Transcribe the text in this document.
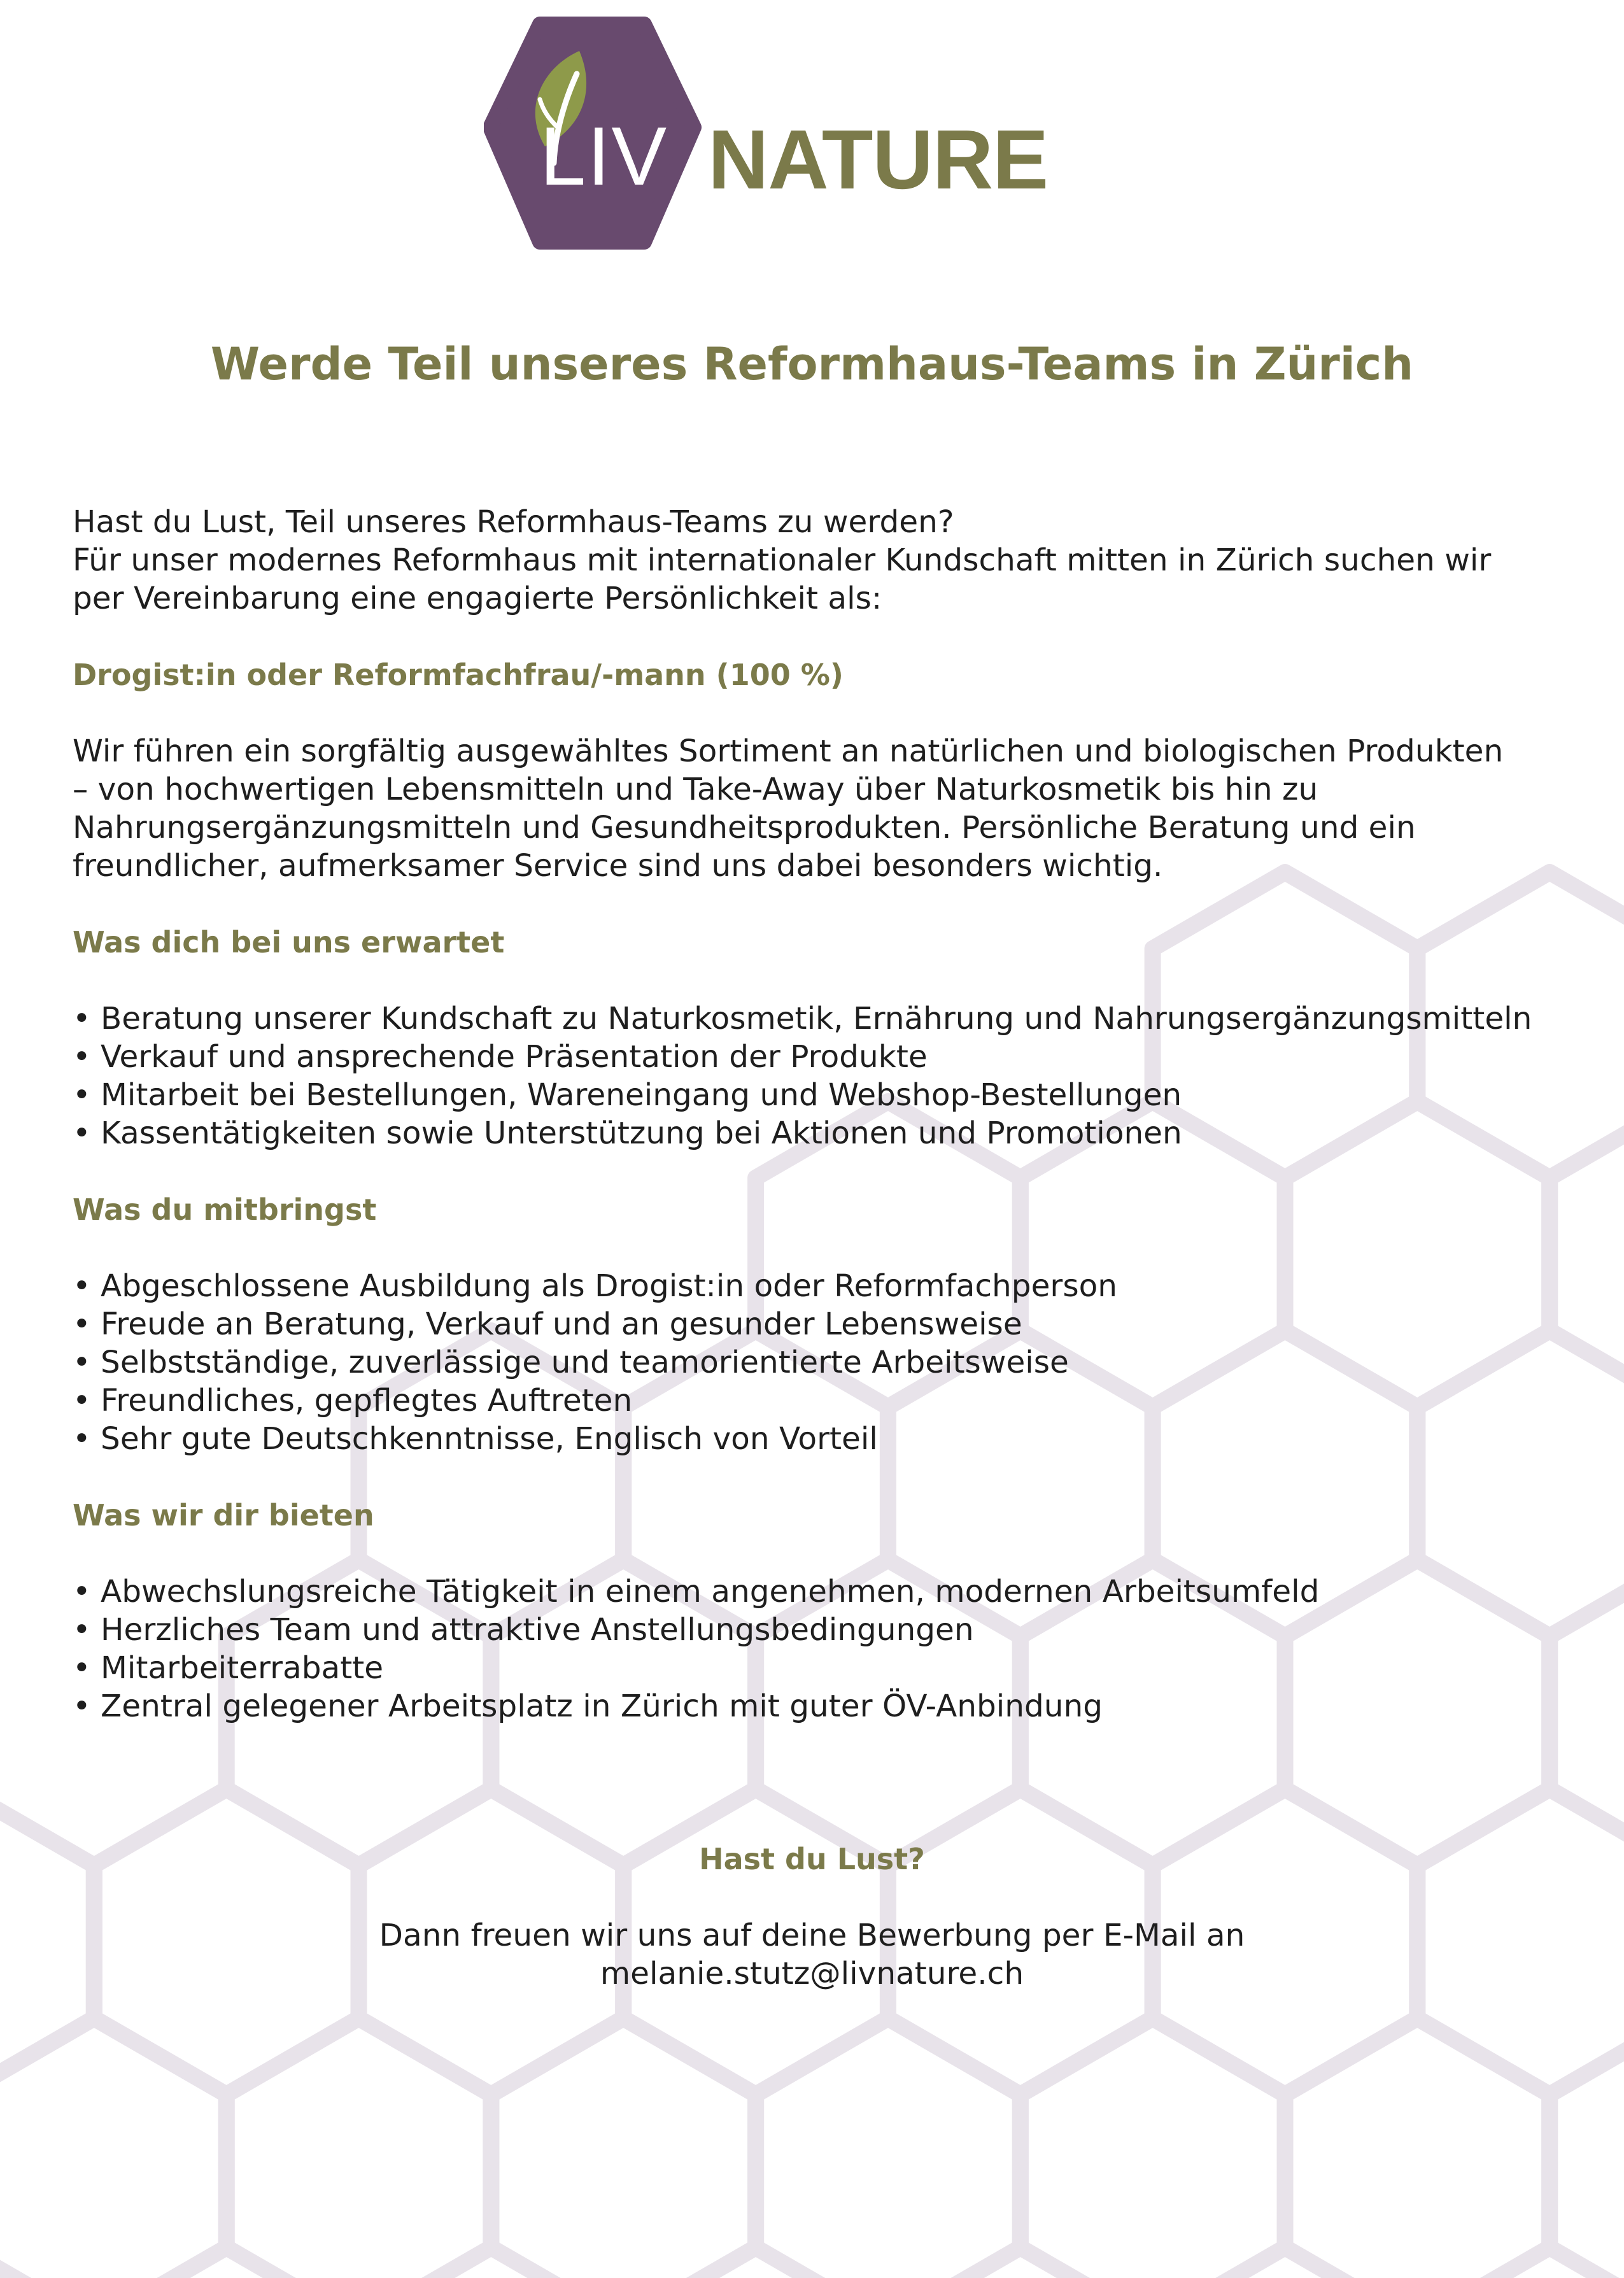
LIV NATURE
Werde Teil unseres Reformhaus-Teams in Zürich

Hast du Lust, Teil unseres Reformhaus-Teams zu werden?

Für unser modernes Reformhaus mit internationaler Kundschaft mitten in Zürich suchen wir

per Vereinbarung eine engagierte Persönlichkeit als:

Drogist:in oder Reformfachfrau/-mann (100 %)

Wir führen ein sorgfältig ausgewähltes Sortiment an natürlichen und biologischen Produkten

– von hochwertigen Lebensmitteln und Take-Away über Naturkosmetik bis hin zu

Nahrungsergänzungsmitteln und Gesundheitsprodukten. Persönliche Beratung und ein

freundlicher, aufmerksamer Service sind uns dabei besonders wichtig.

Was dich bei uns erwartet

• Beratung unserer Kundschaft zu Naturkosmetik, Ernährung und Nahrungsergänzungsmitteln
• Verkauf und ansprechende Präsentation der Produkte
• Mitarbeit bei Bestellungen, Wareneingang und Webshop-Bestellungen
• Kassentätigkeiten sowie Unterstützung bei Aktionen und Promotionen

Was du mitbringst

• Abgeschlossene Ausbildung als Drogist:in oder Reformfachperson
• Freude an Beratung, Verkauf und an gesunder Lebensweise
• Selbstständige, zuverlässige und teamorientierte Arbeitsweise
• Freundliches, gepflegtes Auftreten
• Sehr gute Deutschkenntnisse, Englisch von Vorteil

Was wir dir bieten

• Abwechslungsreiche Tätigkeit in einem angenehmen, modernen Arbeitsumfeld
• Herzliches Team und attraktive Anstellungsbedingungen
• Mitarbeiterrabatte
• Zentral gelegener Arbeitsplatz in Zürich mit guter ÖV-Anbindung

Hast du Lust?

Dann freuen wir uns auf deine Bewerbung per E-Mail an

melanie.stutz@livnature.ch
